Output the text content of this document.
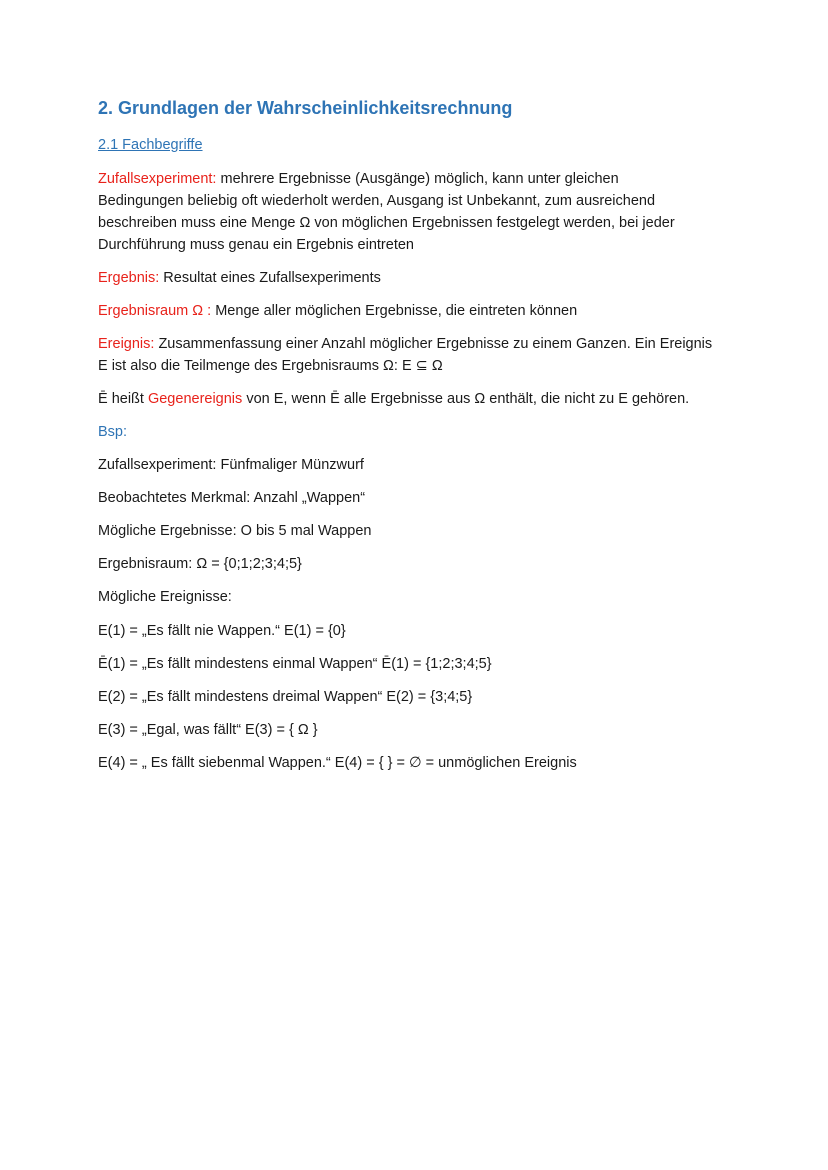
2. Grundlagen der Wahrscheinlichkeitsrechnung
2.1 Fachbegriffe
Zufallsexperiment: mehrere Ergebnisse (Ausgänge) möglich, kann unter gleichen
Bedingungen beliebig oft wiederholt werden, Ausgang ist Unbekannt, zum ausreichend
beschreiben muss eine Menge Ω von möglichen Ergebnissen festgelegt werden, bei jeder
Durchführung muss genau ein Ergebnis eintreten
Ergebnis: Resultat eines Zufallsexperiments
Ergebnisraum Ω : Menge aller möglichen Ergebnisse, die eintreten können
Ereignis: Zusammenfassung einer Anzahl möglicher Ergebnisse zu einem Ganzen. Ein Ereignis
E ist also die Teilmenge des Ergebnisraums Ω: E ⊆ Ω
Ē heißt Gegenereignis von E, wenn Ē alle Ergebnisse aus Ω enthält, die nicht zu E gehören.
Bsp:
Zufallsexperiment: Fünfmaliger Münzwurf
Beobachtetes Merkmal: Anzahl „Wappen“
Mögliche Ergebnisse: O bis 5 mal Wappen
Ergebnisraum: Ω = {0;1;2;3;4;5}
Mögliche Ereignisse:
E(1) = „Es fällt nie Wappen.“ E(1) = {0}
Ē(1) = „Es fällt mindestens einmal Wappen“ Ē(1) = {1;2;3;4;5}
E(2) = „Es fällt mindestens dreimal Wappen“ E(2) = {3;4;5}
E(3) = „Egal, was fällt“ E(3) = { Ω }
E(4) = „ Es fällt siebenmal Wappen.“ E(4) = { } = ∅ = unmöglichen Ereignis
